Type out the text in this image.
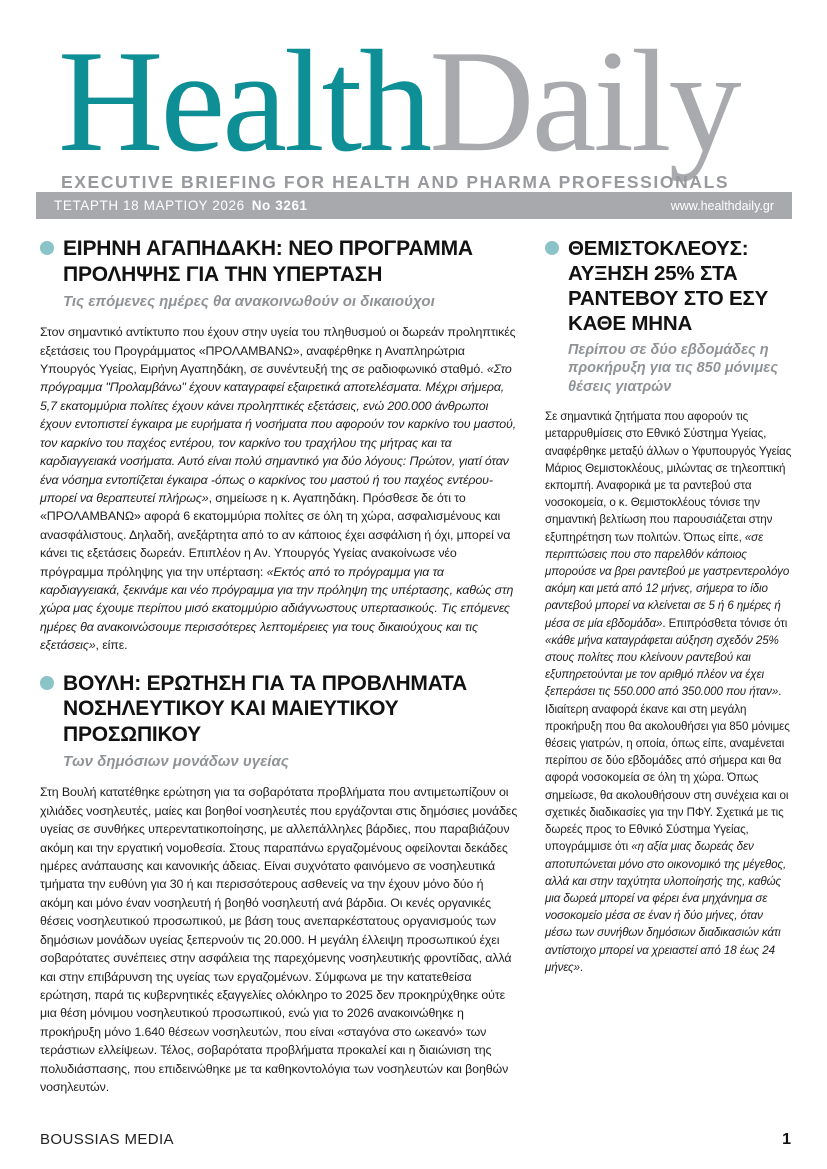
HealthDaily
EXECUTIVE BRIEFING FOR HEALTH AND PHARMA PROFESSIONALS
ΤΕΤΑΡΤΗ 18 ΜΑΡΤΙΟΥ 2026 No 3261	www.healthdaily.gr
ΕΙΡΗΝΗ ΑΓΑΠΗΔΑΚΗ: ΝΕΟ ΠΡΟΓΡΑΜΜΑ ΠΡΟΛΗΨΗΣ ΓΙΑ ΤΗΝ ΥΠΕΡΤΑΣΗ

Τις επόμενες ημέρες θα ανακοινωθούν οι δικαιούχοι

Στον σημαντικό αντίκτυπο που έχουν στην υγεία του πληθυσμού οι δωρεάν προληπτικές εξετάσεις του Προγράμματος «ΠΡΟΛΑΜΒΑΝΩ», αναφέρθηκε η Αναπληρώτρια Υπουργός Υγείας, Ειρήνη Αγαπηδάκη, σε συνέντευξή της σε ραδιοφωνικό σταθμό. «Στο πρόγραμμα "Προλαμβάνω" έχουν καταγραφεί εξαιρετικά αποτελέσματα. Μέχρι σήμερα, 5,7 εκατομμύρια πολίτες έχουν κάνει προληπτικές εξετάσεις, ενώ 200.000 άνθρωποι έχουν εντοπιστεί έγκαιρα με ευρήματα ή νοσήματα που αφορούν τον καρκίνο του μαστού, τον καρκίνο του παχέος εντέρου, τον καρκίνο του τραχήλου της μήτρας και τα καρδιαγγειακά νοσήματα. Αυτό είναι πολύ σημαντικό για δύο λόγους: Πρώτον, γιατί όταν ένα νόσημα εντοπίζεται έγκαιρα -όπως ο καρκίνος του μαστού ή του παχέος εντέρου- μπορεί να θεραπευτεί πλήρως», σημείωσε η κ. Αγαπηδάκη. Πρόσθεσε δε ότι το «ΠΡΟΛΑΜΒΑΝΩ» αφορά 6 εκατομμύρια πολίτες σε όλη τη χώρα, ασφαλισμένους και ανασφάλιστους. Δηλαδή, ανεξάρτητα από το αν κάποιος έχει ασφάλιση ή όχι, μπορεί να κάνει τις εξετάσεις δωρεάν. Επιπλέον η Αν. Υπουργός Υγείας ανακοίνωσε νέο πρόγραμμα πρόληψης για την υπέρταση: «Εκτός από το πρόγραμμα για τα καρδιαγγειακά, ξεκινάμε και νέο πρόγραμμα για την πρόληψη της υπέρτασης, καθώς στη χώρα μας έχουμε περίπου μισό εκατομμύριο αδιάγνωστους υπερτασικούς. Τις επόμενες ημέρες θα ανακοινώσουμε περισσότερες λεπτομέρειες για τους δικαιούχους και τις εξετάσεις», είπε.

ΒΟΥΛΗ: ΕΡΩΤΗΣΗ ΓΙΑ ΤΑ ΠΡΟΒΛΗΜΑΤΑ ΝΟΣΗΛΕΥΤΙΚΟΥ ΚΑΙ ΜΑΙΕΥΤΙΚΟΥ ΠΡΟΣΩΠΙΚΟΥ

Των δημόσιων μονάδων υγείας

Στη Βουλή κατατέθηκε ερώτηση για τα σοβαρότατα προβλήματα που αντιμετωπίζουν οι χιλιάδες νοσηλευτές, μαίες και βοηθοί νοσηλευτές που εργάζονται στις δημόσιες μονάδες υγείας σε συνθήκες υπερεντατικοποίησης, με αλλεπάλληλες βάρδιες, που παραβιάζουν ακόμη και την εργατική νομοθεσία. Στους παραπάνω εργαζομένους οφείλονται δεκάδες ημέρες ανάπαυσης και κανονικής άδειας. Είναι συχνότατο φαινόμενο σε νοσηλευτικά τμήματα την ευθύνη για 30 ή και περισσότερους ασθενείς να την έχουν μόνο δύο ή ακόμη και μόνο έναν νοσηλευτή ή βοηθό νοσηλευτή ανά βάρδια. Οι κενές οργανικές θέσεις νοσηλευτικού προσωπικού, με βάση τους ανεπαρκέστατους οργανισμούς των δημόσιων μονάδων υγείας ξεπερνούν τις 20.000. Η μεγάλη έλλειψη προσωπικού έχει σοβαρότατες συνέπειες στην ασφάλεια της παρεχόμενης νοσηλευτικής φροντίδας, αλλά και στην επιβάρυνση της υγείας των εργαζομένων. Σύμφωνα με την κατατεθείσα ερώτηση, παρά τις κυβερνητικές εξαγγελίες ολόκληρο το 2025 δεν προκηρύχθηκε ούτε μια θέση μόνιμου νοσηλευτικού προσωπικού, ενώ για το 2026 ανακοινώθηκε η προκήρυξη μόνο 1.640 θέσεων νοσηλευτών, που είναι «σταγόνα στο ωκεανό» των τεράστιων ελλείψεων. Τέλος, σοβαρότατα προβλήματα προκαλεί και η διαιώνιση της πολυδιάσπασης, που επιδεινώθηκε με τα καθηκοντολόγια των νοσηλευτών και βοηθών νοσηλευτών.

ΘΕΜΙΣΤΟΚΛΕΟΥΣ: ΑΥΞΗΣΗ 25% ΣΤΑ ΡΑΝΤΕΒΟΥ ΣΤΟ ΕΣΥ ΚΑΘΕ ΜΗΝΑ

Περίπου σε δύο εβδομάδες η προκήρυξη για τις 850 μόνιμες θέσεις γιατρών

Σε σημαντικά ζητήματα που αφορούν τις μεταρρυθμίσεις στο Εθνικό Σύστημα Υγείας, αναφέρθηκε μεταξύ άλλων ο Υφυπουργός Υγείας Μάριος Θεμιστοκλέους, μιλώντας σε τηλεοπτική εκπομπή. Αναφορικά με τα ραντεβού στα νοσοκομεία, ο κ. Θεμιστοκλέους τόνισε την σημαντική βελτίωση που παρουσιάζεται στην εξυπηρέτηση των πολιτών. Όπως είπε, «σε περιπτώσεις που στο παρελθόν κάποιος μπορούσε να βρει ραντεβού με γαστρεντερολόγο ακόμη και μετά από 12 μήνες, σήμερα το ίδιο ραντεβού μπορεί να κλείνεται σε 5 ή 6 ημέρες ή μέσα σε μία εβδομάδα». Επιπρόσθετα τόνισε ότι «κάθε μήνα καταγράφεται αύξηση σχεδόν 25% στους πολίτες που κλείνουν ραντεβού και εξυπηρετούνται με τον αριθμό πλέον να έχει ξεπεράσει τις 550.000 από 350.000 που ήταν». Ιδιαίτερη αναφορά έκανε και στη μεγάλη προκήρυξη που θα ακολουθήσει για 850 μόνιμες θέσεις γιατρών, η οποία, όπως είπε, αναμένεται περίπου σε δύο εβδομάδες από σήμερα και θα αφορά νοσοκομεία σε όλη τη χώρα. Όπως σημείωσε, θα ακολουθήσουν στη συνέχεια και οι σχετικές διαδικασίες για την ΠΦΥ. Σχετικά με τις δωρεές προς το Εθνικό Σύστημα Υγείας, υπογράμμισε ότι «η αξία μιας δωρεάς δεν αποτυπώνεται μόνο στο οικονομικό της μέγεθος, αλλά και στην ταχύτητα υλοποίησής της, καθώς μια δωρεά μπορεί να φέρει ένα μηχάνημα σε νοσοκομείο μέσα σε έναν ή δύο μήνες, όταν μέσω των συνήθων δημόσιων διαδικασιών κάτι αντίστοιχο μπορεί να χρειαστεί από 18 έως 24 μήνες».

BOUSSIAS MEDIA	1
